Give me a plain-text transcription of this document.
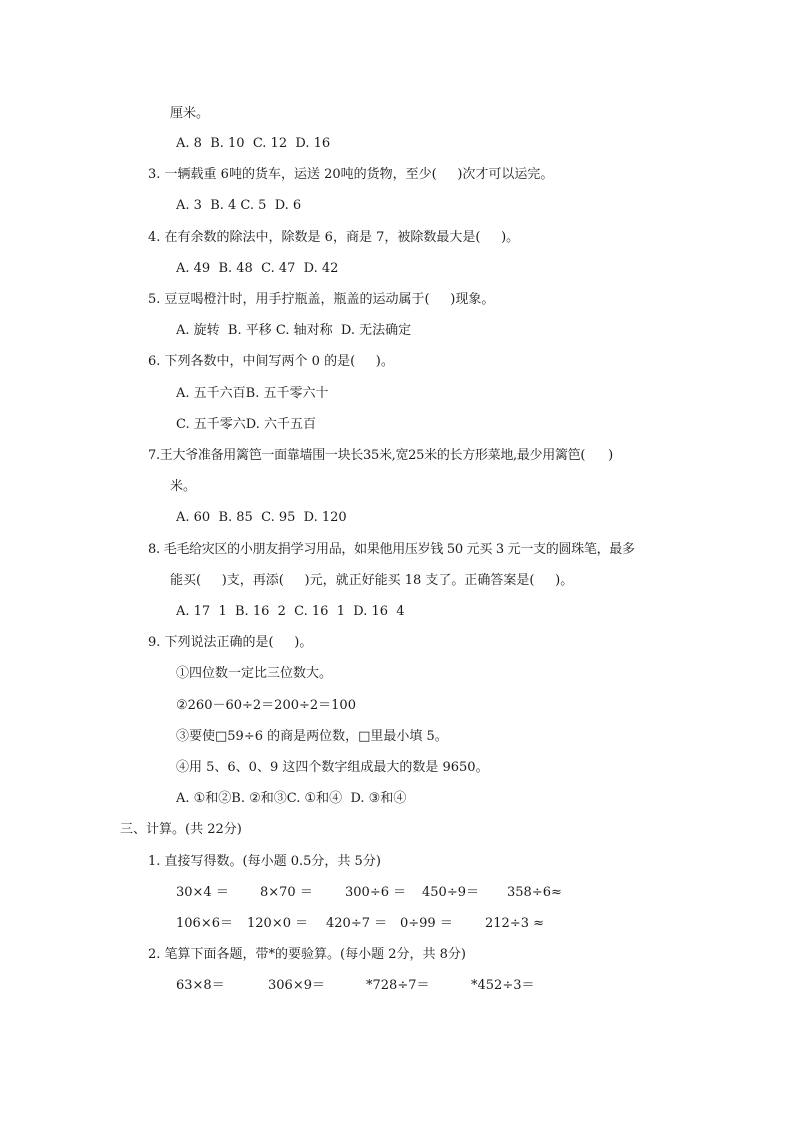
厘米。
A. 8  B. 10  C. 12  D. 16
3. 一辆载重 6吨的货车，运送 20吨的货物，至少(     )次才可以运完。
A. 3  B. 4 C. 5  D. 6
4. 在有余数的除法中，除数是 6，商是 7，被除数最大是(     )。
A. 49  B. 48  C. 47  D. 42
5. 豆豆喝橙汁时，用手拧瓶盖，瓶盖的运动属于(     )现象。
A. 旋转  B. 平移 C. 轴对称  D. 无法确定
6. 下列各数中，中间写两个 0 的是(     )。
A. 五千六百B. 五千零六十
C. 五千零六D. 六千五百
7.王大爷准备用篱笆一面靠墙围一块长35米,宽25米的长方形菜地,最少用篱笆(      )
米。
A. 60  B. 85  C. 95  D. 120
8. 毛毛给灾区的小朋友捐学习用品，如果他用压岁钱 50 元买 3 元一支的圆珠笔，最多
能买(     )支，再添(     )元，就正好能买 18 支了。正确答案是(     )。
A. 17  1  B. 16  2  C. 16  1  D. 16  4
9. 下列说法正确的是(     )。
①四位数一定比三位数大。
②260－60÷2＝200÷2＝100
③要使□59÷6 的商是两位数，□里最小填 5。
④用 5、6、0、9 这四个数字组成最大的数是 9650。
A. ①和②B. ②和③C. ①和④  D. ③和④
三、计算。(共 22分)
1. 直接写得数。(每小题 0.5分，共 5分)
30×4 ＝ 8×70 ＝ 300÷6 ＝ 450÷9＝ 358÷6≈
106×6＝ 120×0 ＝ 420÷7 ＝ 0÷99 ＝ 212÷3 ≈
2. 笔算下面各题，带*的要验算。(每小题 2分，共 8分)
63×8＝	306×9＝	*728÷7＝	*452÷3＝
